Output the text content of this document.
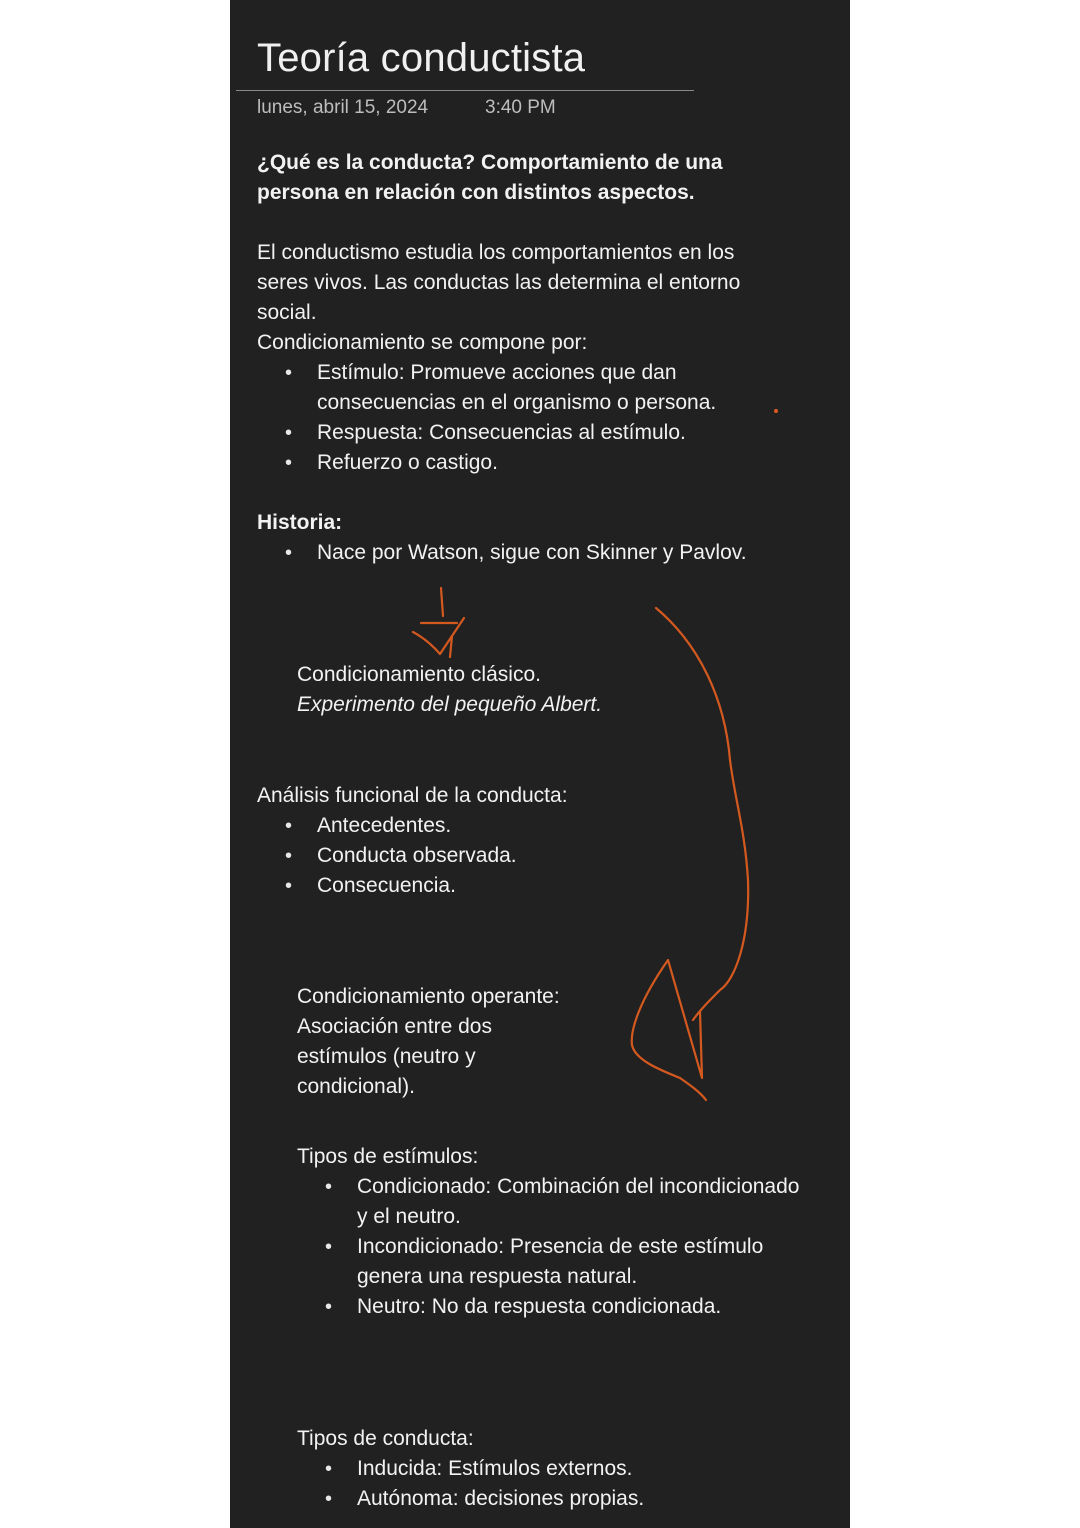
Teoría conductista
lunes, abril 15, 2024	3:40 PM
¿Qué es la conducta? Comportamiento de una
persona en relación con distintos aspectos.
El conductismo estudia los comportamientos en los
seres vivos. Las conductas las determina el entorno
social.
Condicionamiento se compone por:
• Estímulo: Promueve acciones que dan
consecuencias en el organismo o persona.
• Respuesta: Consecuencias al estímulo.
• Refuerzo o castigo.
Historia:
• Nace por Watson, sigue con Skinner y Pavlov.
Condicionamiento clásico.
Experimento del pequeño Albert.
Análisis funcional de la conducta:
• Antecedentes.
• Conducta observada.
• Consecuencia.
Condicionamiento operante:
Asociación entre dos
estímulos (neutro y
condicional).
Tipos de estímulos:
• Condicionado: Combinación del incondicionado
y el neutro.
• Incondicionado: Presencia de este estímulo
genera una respuesta natural.
• Neutro: No da respuesta condicionada.
Tipos de conducta:
• Inducida: Estímulos externos.
• Autónoma: decisiones propias.
